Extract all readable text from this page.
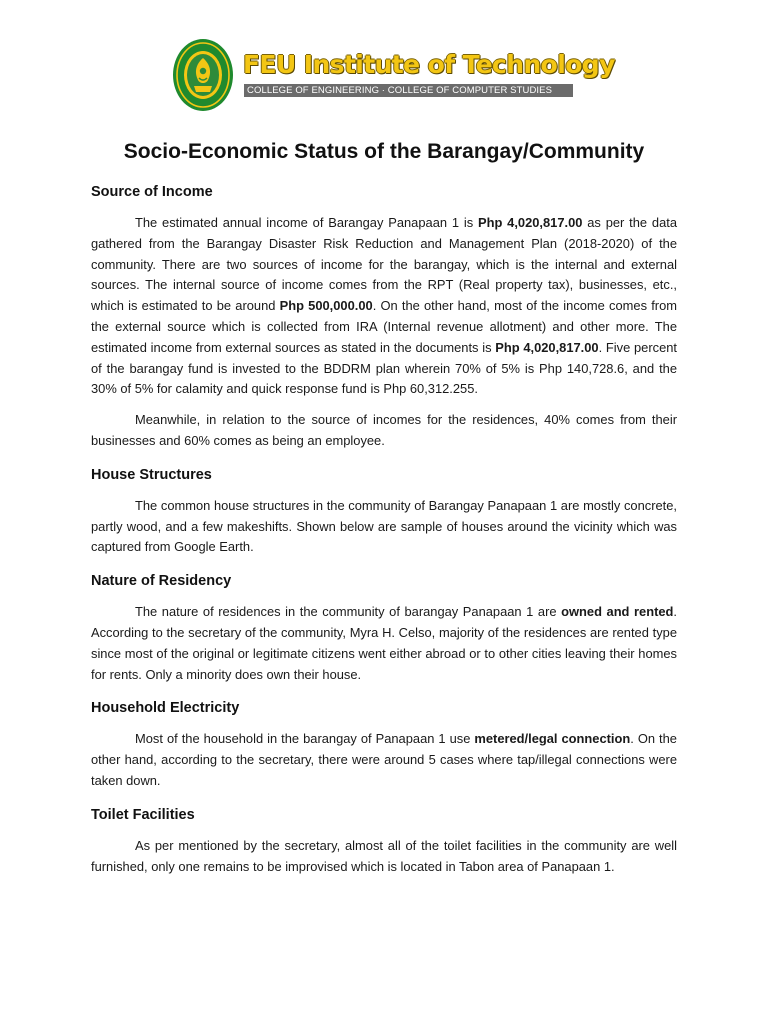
FEU Institute of Technology
COLLEGE OF ENGINEERING · COLLEGE OF COMPUTER STUDIES
Socio-Economic Status of the Barangay/Community
Source of Income

The estimated annual income of Barangay Panapaan 1 is Php 4,020,817.00 as per the data gathered from the Barangay Disaster Risk Reduction and Management Plan (2018-2020) of the community. There are two sources of income for the barangay, which is the internal and external sources. The internal source of income comes from the RPT (Real property tax), businesses, etc., which is estimated to be around Php 500,000.00. On the other hand, most of the income comes from the external source which is collected from IRA (Internal revenue allotment) and other more. The estimated income from external sources as stated in the documents is Php 4,020,817.00. Five percent of the barangay fund is invested to the BDDRM plan wherein 70% of 5% is Php 140,728.6, and the 30% of 5% for calamity and quick response fund is Php 60,312.255.

Meanwhile, in relation to the source of incomes for the residences, 40% comes from their businesses and 60% comes as being an employee.

House Structures

The common house structures in the community of Barangay Panapaan 1 are mostly concrete, partly wood, and a few makeshifts. Shown below are sample of houses around the vicinity which was captured from Google Earth.

Nature of Residency

The nature of residences in the community of barangay Panapaan 1 are owned and rented. According to the secretary of the community, Myra H. Celso, majority of the residences are rented type since most of the original or legitimate citizens went either abroad or to other cities leaving their homes for rents. Only a minority does own their house.

Household Electricity

Most of the household in the barangay of Panapaan 1 use metered/legal connection. On the other hand, according to the secretary, there were around 5 cases where tap/illegal connections were taken down.

Toilet Facilities

As per mentioned by the secretary, almost all of the toilet facilities in the community are well furnished, only one remains to be improvised which is located in Tabon area of Panapaan 1.
